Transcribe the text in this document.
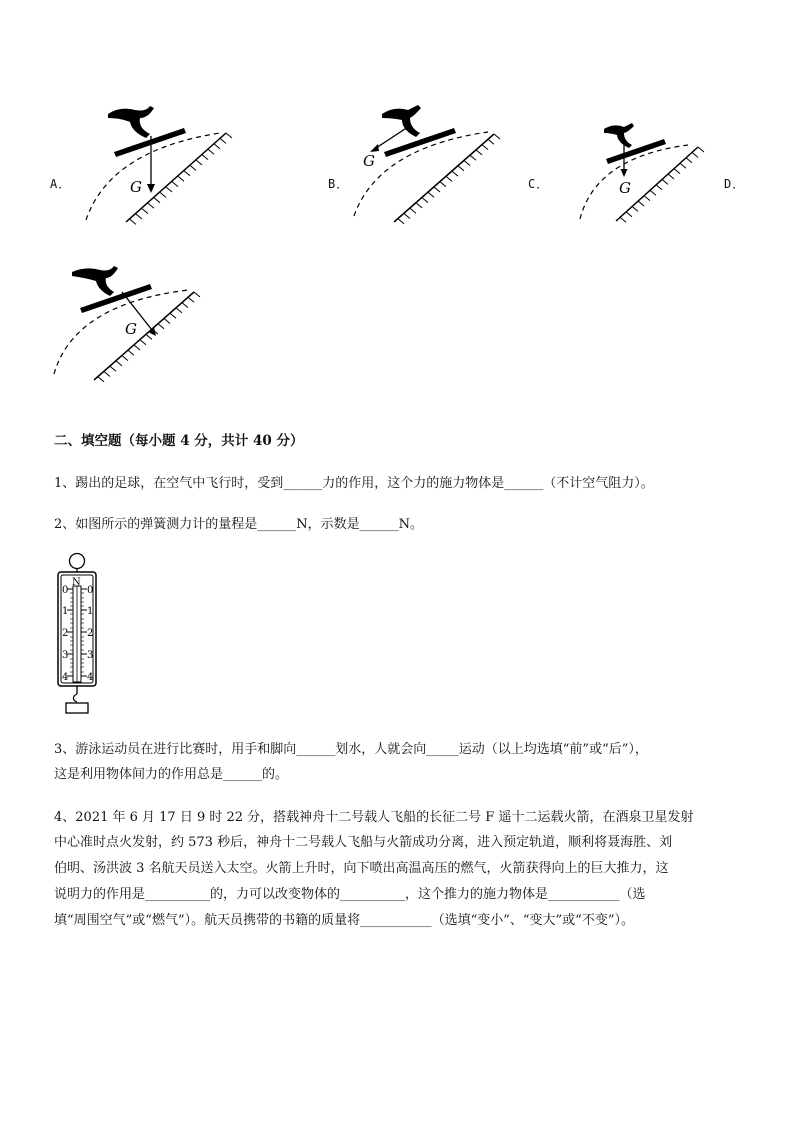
G
A．
G
B．	G
C．	D．
G
二、填空题（每小题 4 分，共计 40 分）
1、踢出的足球，在空气中飞行时，受到______力的作用，这个力的施力物体是______（不计空气阻力）。
2、如图所示的弹簧测力计的量程是______N，示数是______N。
N
0
1
2
3
4
0
1
2
3
4
3、游泳运动员在进行比赛时，用手和脚向______划水，人就会向_____运动（以上均选填“前”或“后”），
这是利用物体间力的作用总是______的。
4、2021 年 6 月 17 日 9 时 22 分，搭载神舟十二号载人飞船的长征二号 F 遥十二运载火箭，在酒泉卫星发射
中心准时点火发射，约 573 秒后，神舟十二号载人飞船与火箭成功分离，进入预定轨道，顺利将聂海胜、刘
伯明、汤洪波 3 名航天员送入太空。火箭上升时，向下喷出高温高压的燃气，火箭获得向上的巨大推力，这
说明力的作用是__________的，力可以改变物体的__________，这个推力的施力物体是___________（选
填“周围空气”或“燃气”）。航天员携带的书籍的质量将___________（选填“变小”、“变大”或“不变”）。
